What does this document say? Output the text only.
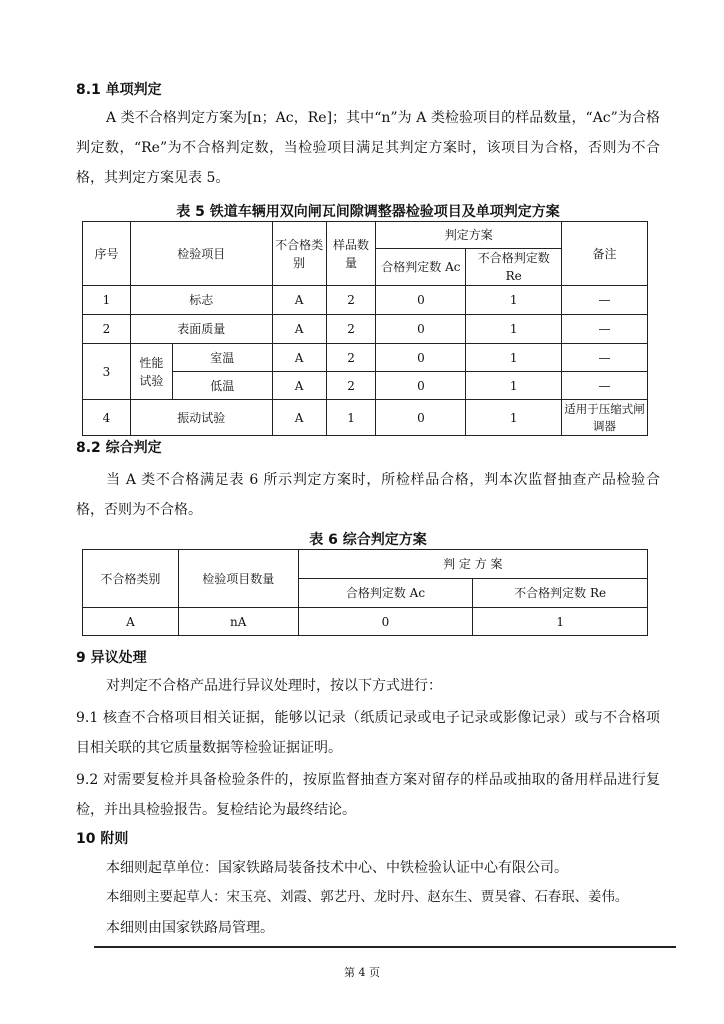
8.1 单项判定
A 类不合格判定方案为[n；Ac，Re]；其中“n”为 A 类检验项目的样品数量，“Ac”为合格判定数，“Re”为不合格判定数，当检验项目满足其判定方案时，该项目为合格，否则为不合格，其判定方案见表 5。
表 5 铁道车辆用双向闸瓦间隙调整器检验项目及单项判定方案
序号	检验项目		不合格类别	样品数量	判定方案		备注
					合格判定数 Ac	不合格判定数 Re	
1	标志		A	2	0	1	—
2	表面质量		A	2	0	1	—
3	性能试验	室温	A	2	0	1	—
		低温	A	2	0	1	—
4	振动试验		A	1	0	1	适用于压缩式闸调器
8.2 综合判定
当 A 类不合格满足表 6 所示判定方案时，所检样品合格，判本次监督抽查产品检验合格，否则为不合格。
表 6 综合判定方案
不合格类别	检验项目数量	判 定 方 案	
		合格判定数 Ac	不合格判定数 Re
A	nA	0	1
9 异议处理
对判定不合格产品进行异议处理时，按以下方式进行：
9.1 核查不合格项目相关证据，能够以记录（纸质记录或电子记录或影像记录）或与不合格项目相关联的其它质量数据等检验证据证明。
9.2 对需要复检并具备检验条件的，按原监督抽查方案对留存的样品或抽取的备用样品进行复检，并出具检验报告。复检结论为最终结论。
10 附则
本细则起草单位：国家铁路局装备技术中心、中铁检验认证中心有限公司。
本细则主要起草人：宋玉亮、刘霞、郭艺丹、龙时丹、赵东生、贾昊睿、石春珉、姜伟。
本细则由国家铁路局管理。
第 4 页
